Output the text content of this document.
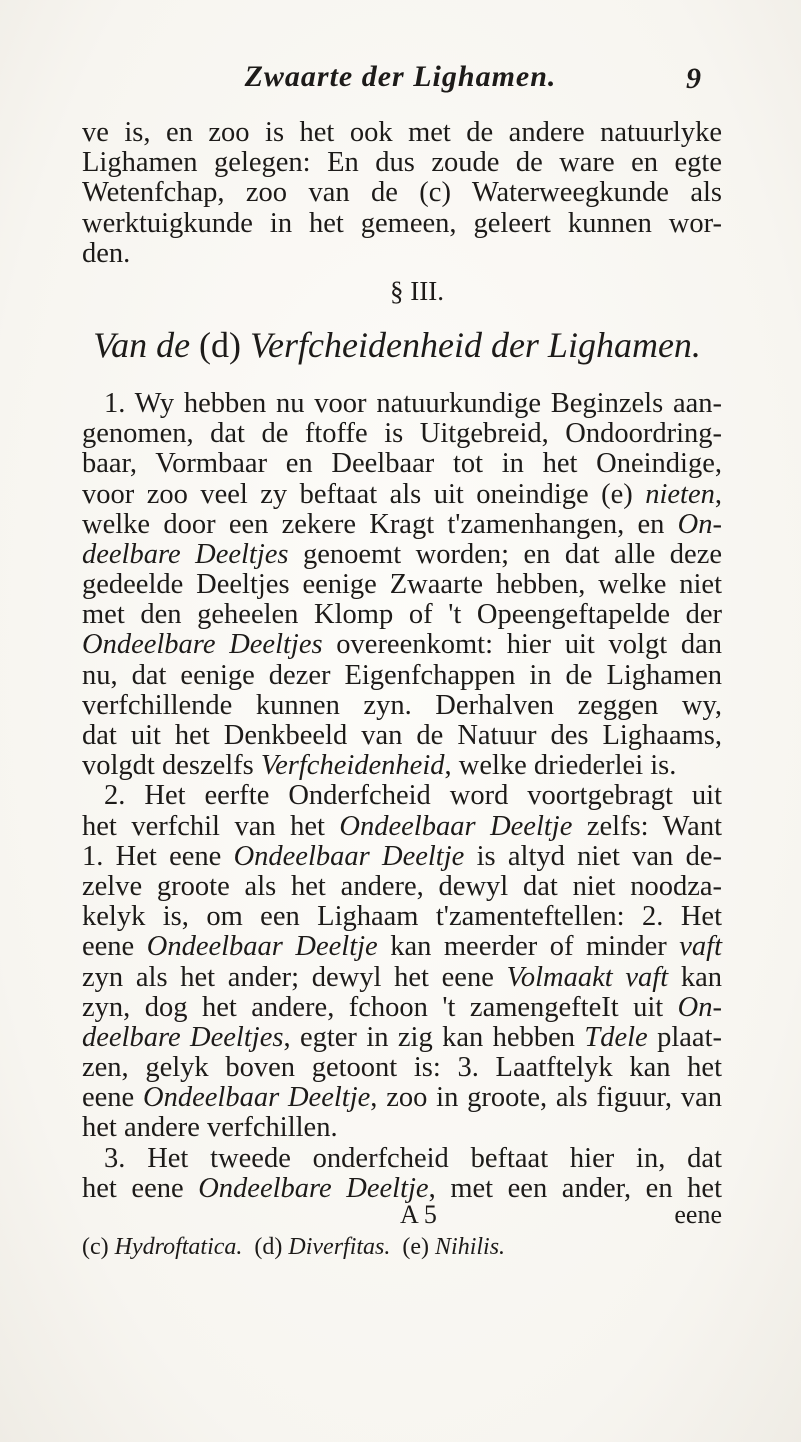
Zwaarte der Lighamen.	9
ve is, en zoo is het ook met de andere natuurlyke
Lighamen gelegen: En dus zoude de ware en egte
Wetenfchap, zoo van de (c) Waterweegkunde als
werktuigkunde in het gemeen, geleert kunnen wor-
den.
§ III.
Van de (d) Verfcheidenheid der Lighamen.
1. Wy hebben nu voor natuurkundige Beginzels aan-
genomen, dat de ftoffe is Uitgebreid, Ondoordring-
baar, Vormbaar en Deelbaar tot in het Oneindige,
voor zoo veel zy beftaat als uit oneindige (e) nieten,
welke door een zekere Kragt t'zamenhangen, en On-
deelbare Deeltjes genoemt worden; en dat alle deze
gedeelde Deeltjes eenige Zwaarte hebben, welke niet
met den geheelen Klomp of 't Opeengeftapelde der
Ondeelbare Deeltjes overeenkomt: hier uit volgt dan
nu, dat eenige dezer Eigenfchappen in de Lighamen
verfchillende kunnen zyn. Derhalven zeggen wy,
dat uit het Denkbeeld van de Natuur des Lighaams,
volgdt deszelfs Verfcheidenheid, welke driederlei is.
2. Het eerfte Onderfcheid word voortgebragt uit
het verfchil van het Ondeelbaar Deeltje zelfs: Want
1. Het eene Ondeelbaar Deeltje is altyd niet van de-
zelve groote als het andere, dewyl dat niet noodza-
kelyk is, om een Lighaam t'zamenteftellen: 2. Het
eene Ondeelbaar Deeltje kan meerder of minder vaft
zyn als het ander; dewyl het eene Volmaakt vaft kan
zyn, dog het andere, fchoon 't zamengefteIt uit On-
deelbare Deeltjes, egter in zig kan hebben Tdele plaat-
zen, gelyk boven getoont is: 3. Laatftelyk kan het
eene Ondeelbaar Deeltje, zoo in groote, als figuur, van
het andere verfchillen.
3. Het tweede onderfcheid beftaat hier in, dat
het eene Ondeelbare Deeltje, met een ander, en het
A 5	eene
(c) Hydroftatica. (d) Diverfitas. (e) Nihilis.
